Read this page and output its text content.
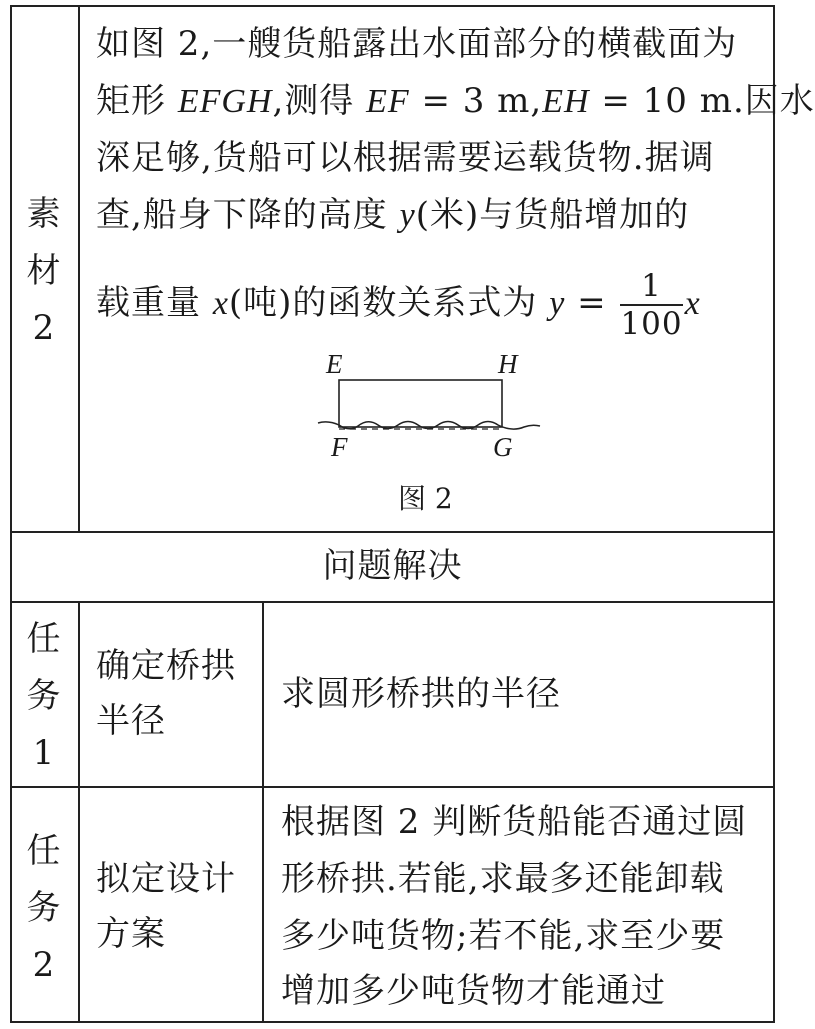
素
材
2
如图 2,一艘货船露出水面部分的横截面为
矩形 EFGH,测得 EF = 3 m,EH = 10 m.因水
深足够,货船可以根据需要运载货物.据调
查,船身下降的高度 y(米)与货船增加的
载重量 x(吨)的函数关系式为 $y = \frac{1}{100}$ x
E	H
F	G
图 2
问题解决
任
务
1
确定桥拱
半径
求圆形桥拱的半径
任
务
2
拟定设计
方案
根据图 2 判断货船能否通过圆
形桥拱.若能,求最多还能卸载
多少吨货物;若不能,求至少要
增加多少吨货物才能通过
